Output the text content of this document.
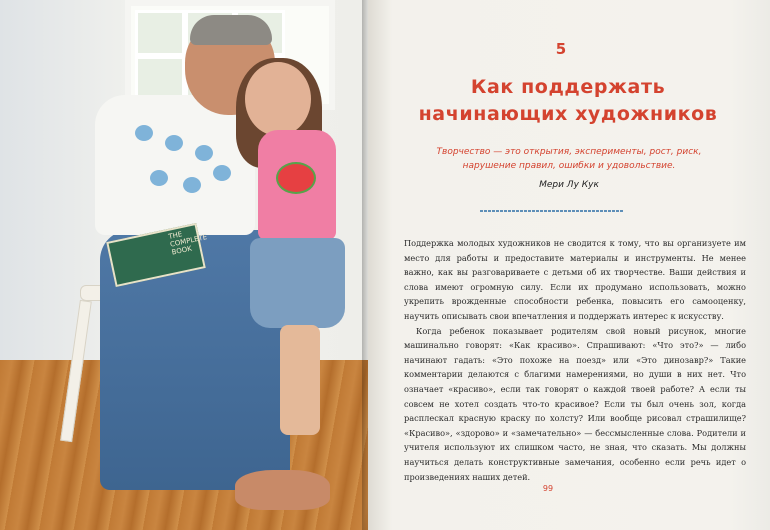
THE COMPLETE BOOK
5
Как поддержать начинающих художников
Творчество — это открытия, эксперименты, рост, риск, нарушение правил, ошибки и удовольствие.
Мери Лу Кук

Поддержка молодых художников не сводится к тому, что вы организуете им место для работы и предоставите материалы и инструменты. Не менее важно, как вы разговариваете с детьми об их творчестве. Ваши действия и слова имеют огромную силу. Если их продумано использовать, можно укрепить врожденные способности ребенка, повысить его самооценку, научить описывать свои впечатления и поддержать интерес к искусству.

Когда ребенок показывает родителям свой новый рисунок, многие машинально говорят: «Как красиво». Спрашивают: «Что это?» — либо начинают гадать: «Это похоже на поезд» или «Это динозавр?» Такие комментарии делаются с благими намерениями, но души в них нет. Что означает «красиво», если так говорят о каждой твоей работе? А если ты совсем не хотел создать что-то красивое? Если ты был очень зол, когда расплескал красную краску по холсту? Или вообще рисовал страшилище? «Красиво», «здорово» и «замечательно» — бессмысленные слова. Родители и учителя используют их слишком часто, не зная, что сказать. Мы должны научиться делать конструктивные замечания, особенно если речь идет о произведениях наших детей.

99
